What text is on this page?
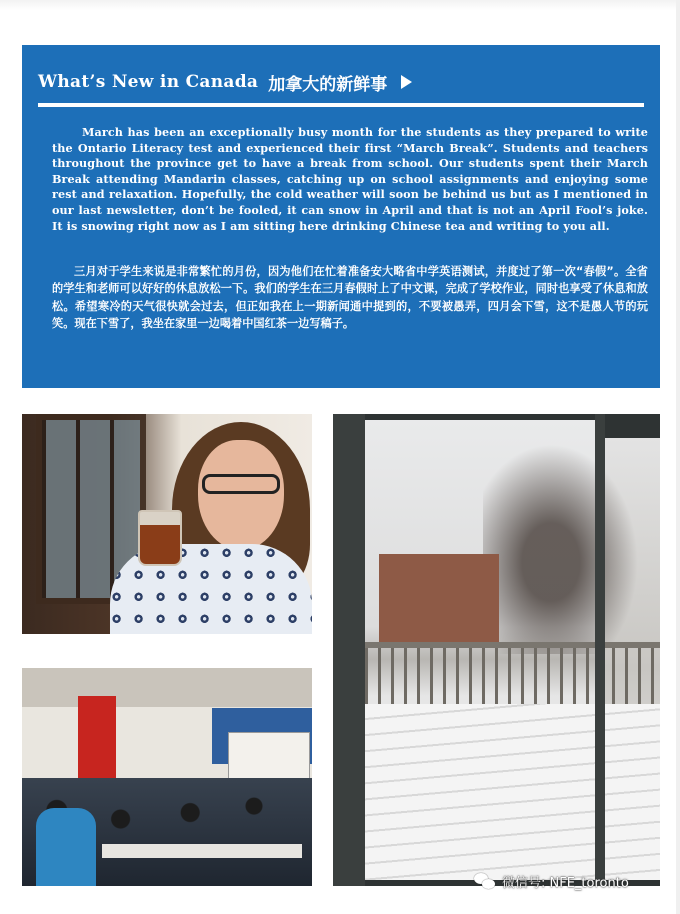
What’s New in Canada 加拿大的新鲜事

March has been an exceptionally busy month for the students as they prepared to write the Ontario Literacy test and experienced their first “March Break”. Students and teachers throughout the province get to have a break from school. Our students spent their March Break attending Mandarin classes, catching up on school assignments and enjoying some rest and relaxation. Hopefully, the cold weather will soon be behind us but as I mentioned in our last newsletter, don’t be fooled, it can snow in April and that is not an April Fool’s joke. It is snowing right now as I am sitting here drinking Chinese tea and writing to you all.

三月对于学生来说是非常繁忙的月份，因为他们在忙着准备安大略省中学英语测试，并度过了第一次“春假”。全省的学生和老师可以好好的休息放松一下。我们的学生在三月春假时上了中文课，完成了学校作业，同时也享受了休息和放松。希望寒冷的天气很快就会过去，但正如我在上一期新闻通中提到的，不要被愚弄，四月会下雪，这不是愚人节的玩笑。现在下雪了，我坐在家里一边喝着中国红茶一边写稿子。

微信号: NFE_toronto
